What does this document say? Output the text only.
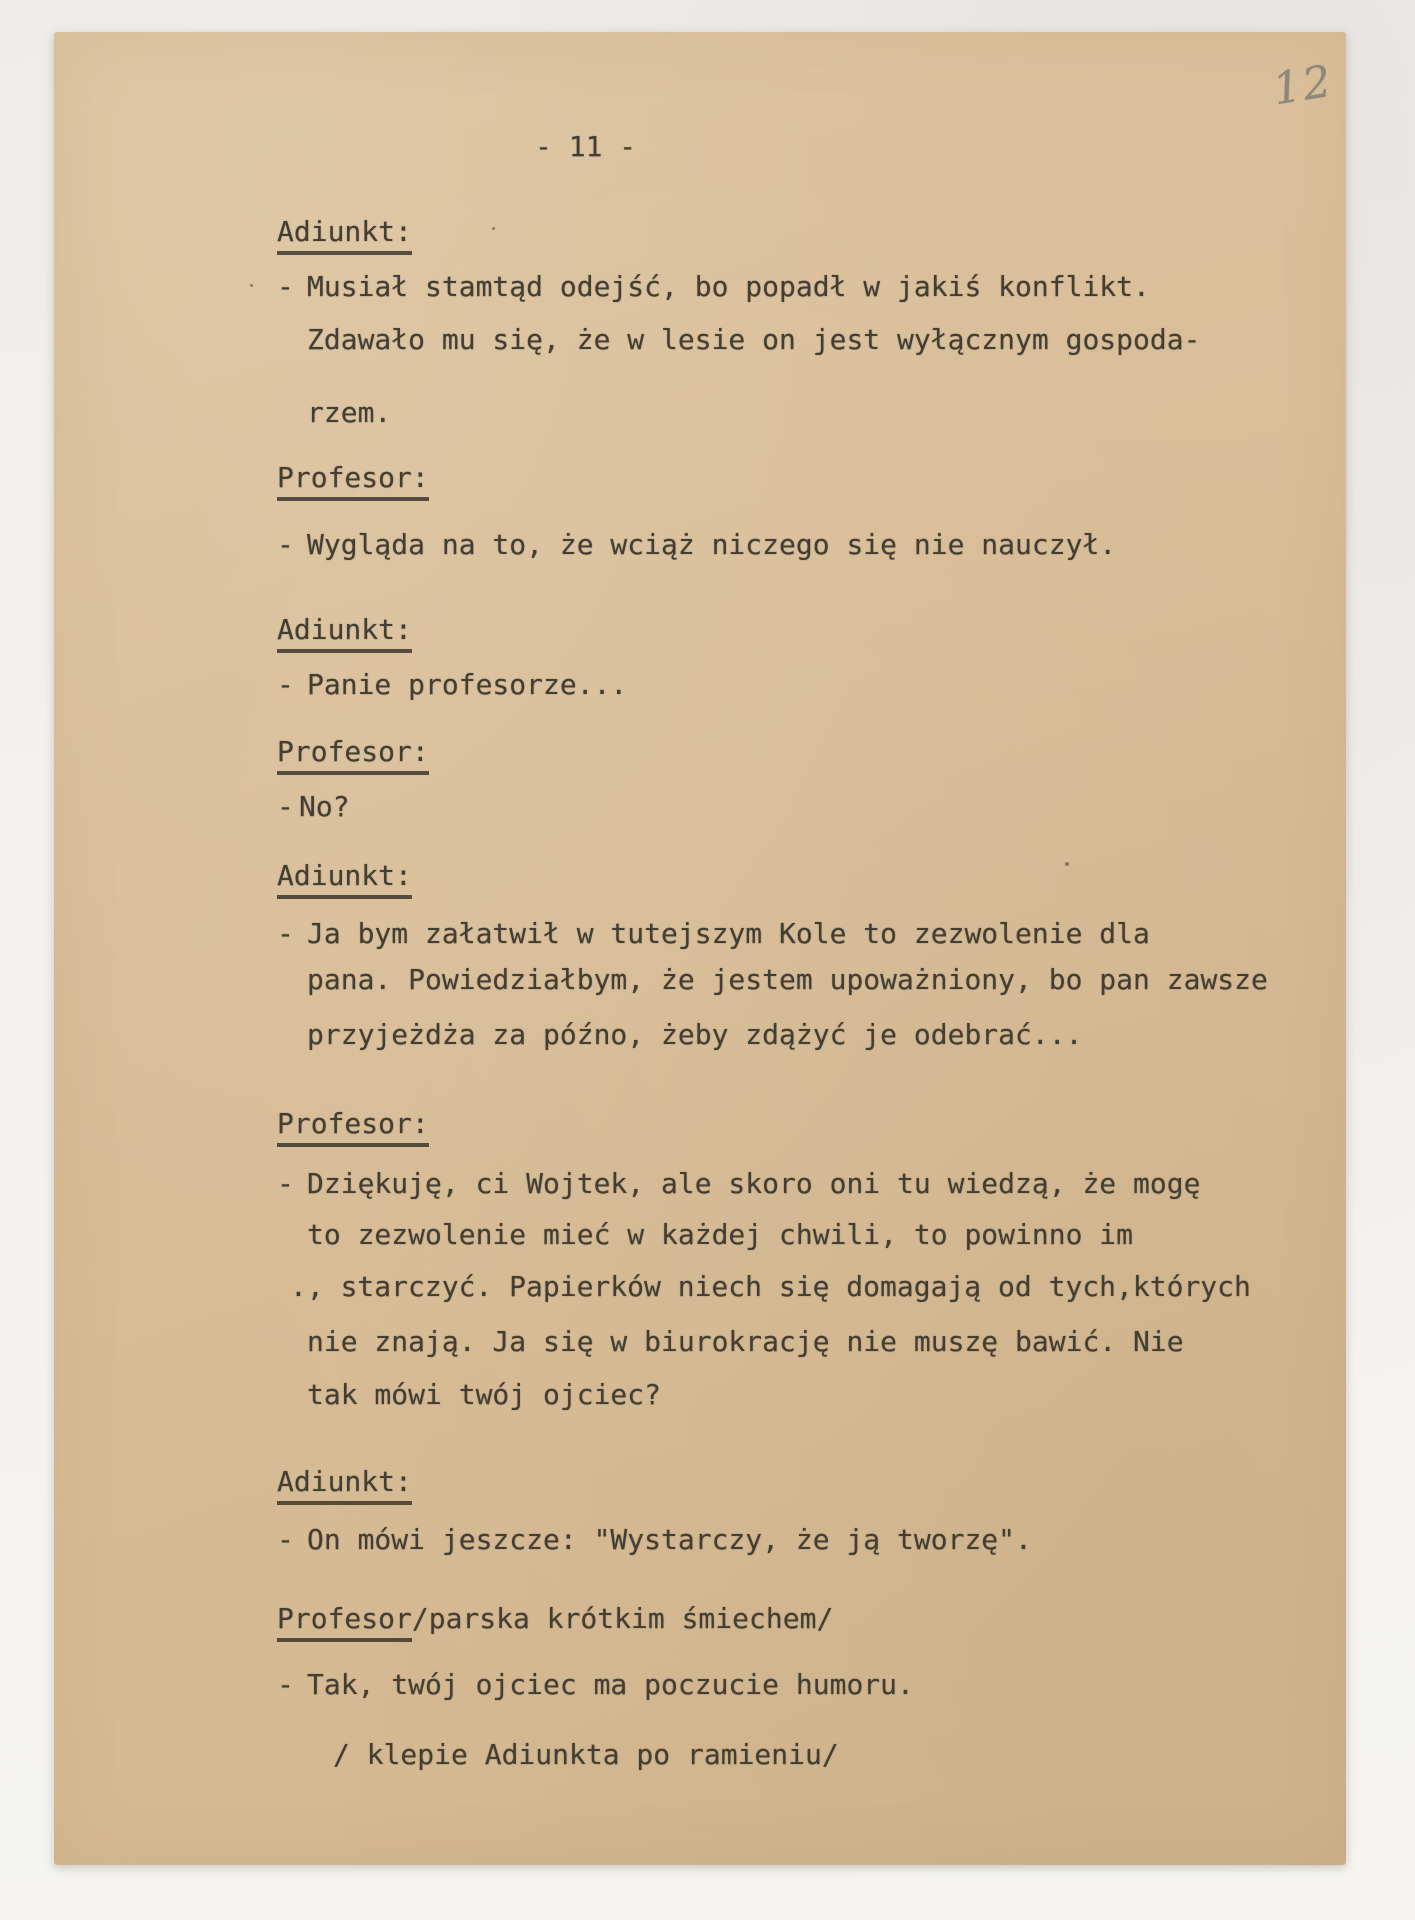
- 11 -
12
Adiunkt:
- Musiał stamtąd odejść, bo popadł w jakiś konflikt.
Zdawało mu się, że w lesie on jest wyłącznym gospoda-
rzem.
Profesor:
- Wygląda na to, że wciąż niczego się nie nauczył.
Adiunkt:
- Panie profesorze...
Profesor:
- No?
Adiunkt:
- Ja bym załatwił w tutejszym Kole to zezwolenie dla
pana. Powiedziałbym, że jestem upoważniony, bo pan zawsze
przyjeżdża za późno, żeby zdążyć je odebrać...
Profesor:
- Dziękuję, ci Wojtek, ale skoro oni tu wiedzą, że mogę
to zezwolenie mieć w każdej chwili, to powinno im
., starczyć. Papierków niech się domagają od tych,których
nie znają. Ja się w biurokrację nie muszę bawić. Nie
tak mówi twój ojciec?
Adiunkt:
- On mówi jeszcze: "Wystarczy, że ją tworzę".
Profesor/parska krótkim śmiechem/
- Tak, twój ojciec ma poczucie humoru.
/ klepie Adiunkta po ramieniu/
